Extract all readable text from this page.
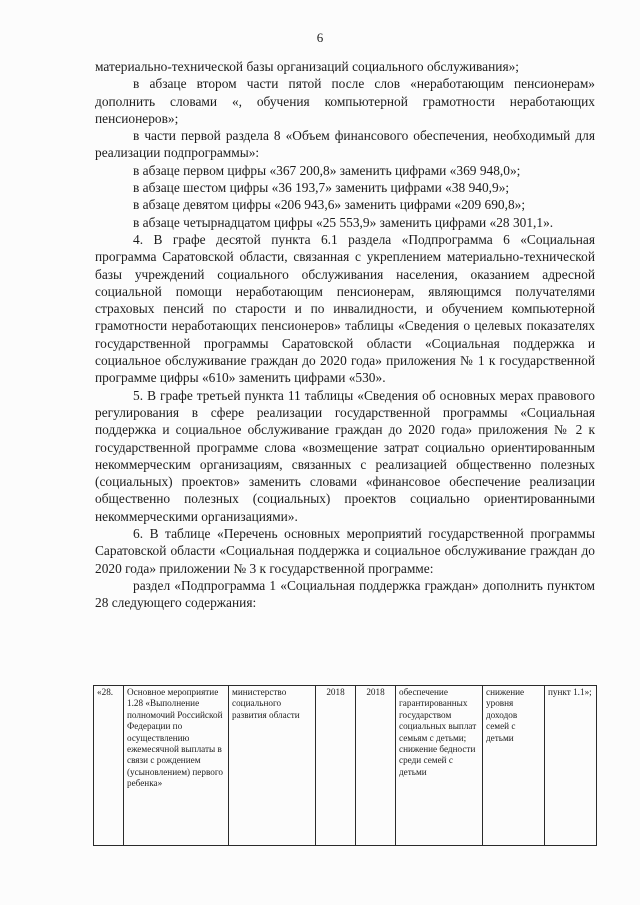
6

материально-технической базы организаций социального обслуживания»;

в абзаце втором части пятой после слов «неработающим пенсионерам» дополнить словами «, обучения компьютерной грамотности неработающих пенсионеров»;

в части первой раздела 8 «Объем финансового обеспечения, необходимый для реализации подпрограммы»:

в абзаце первом цифры «367 200,8» заменить цифрами «369 948,0»;

в абзаце шестом цифры «36 193,7» заменить цифрами «38 940,9»;

в абзаце девятом цифры «206 943,6» заменить цифрами «209 690,8»;

в абзаце четырнадцатом цифры «25 553,9» заменить цифрами «28 301,1».

4. В графе десятой пункта 6.1 раздела «Подпрограмма 6 «Социальная программа Саратовской области, связанная с укреплением материально-технической базы учреждений социального обслуживания населения, оказанием адресной социальной помощи неработающим пенсионерам, являющимся получателями страховых пенсий по старости и по инвалидности, и обучением компьютерной грамотности неработающих пенсионеров» таблицы «Сведения о целевых показателях государственной программы Саратовской области «Социальная поддержка и социальное обслуживание граждан до 2020 года» приложения № 1 к государственной программе цифры «610» заменить цифрами «530».

5. В графе третьей пункта 11 таблицы «Сведения об основных мерах правового регулирования в сфере реализации государственной программы «Социальная поддержка и социальное обслуживание граждан до 2020 года» приложения № 2 к государственной программе слова «возмещение затрат социально ориентированным некоммерческим организациям, связанных с реализацией общественно полезных (социальных) проектов» заменить словами «финансовое обеспечение реализации общественно полезных (социальных) проектов социально ориентированными некоммерческими организациями».

6. В таблице «Перечень основных мероприятий государственной программы Саратовской области «Социальная поддержка и социальное обслуживание граждан до 2020 года» приложении № 3 к государственной программе:

раздел «Подпрограмма 1 «Социальная поддержка граждан» дополнить пунктом 28 следующего содержания:

«28.	Основное мероприятие 1.28 «Выполнение полномочий Российской Федерации по осуществлению ежемесячной выплаты в связи с рождением (усыновлением) первого ребенка»	министерство социального развития области	2018	2018	обеспечение гарантированных государством социальных выплат семьям с детьми; снижение бедности среди семей с детьми	снижение уровня доходов семей с детьми	пункт 1.1»;
